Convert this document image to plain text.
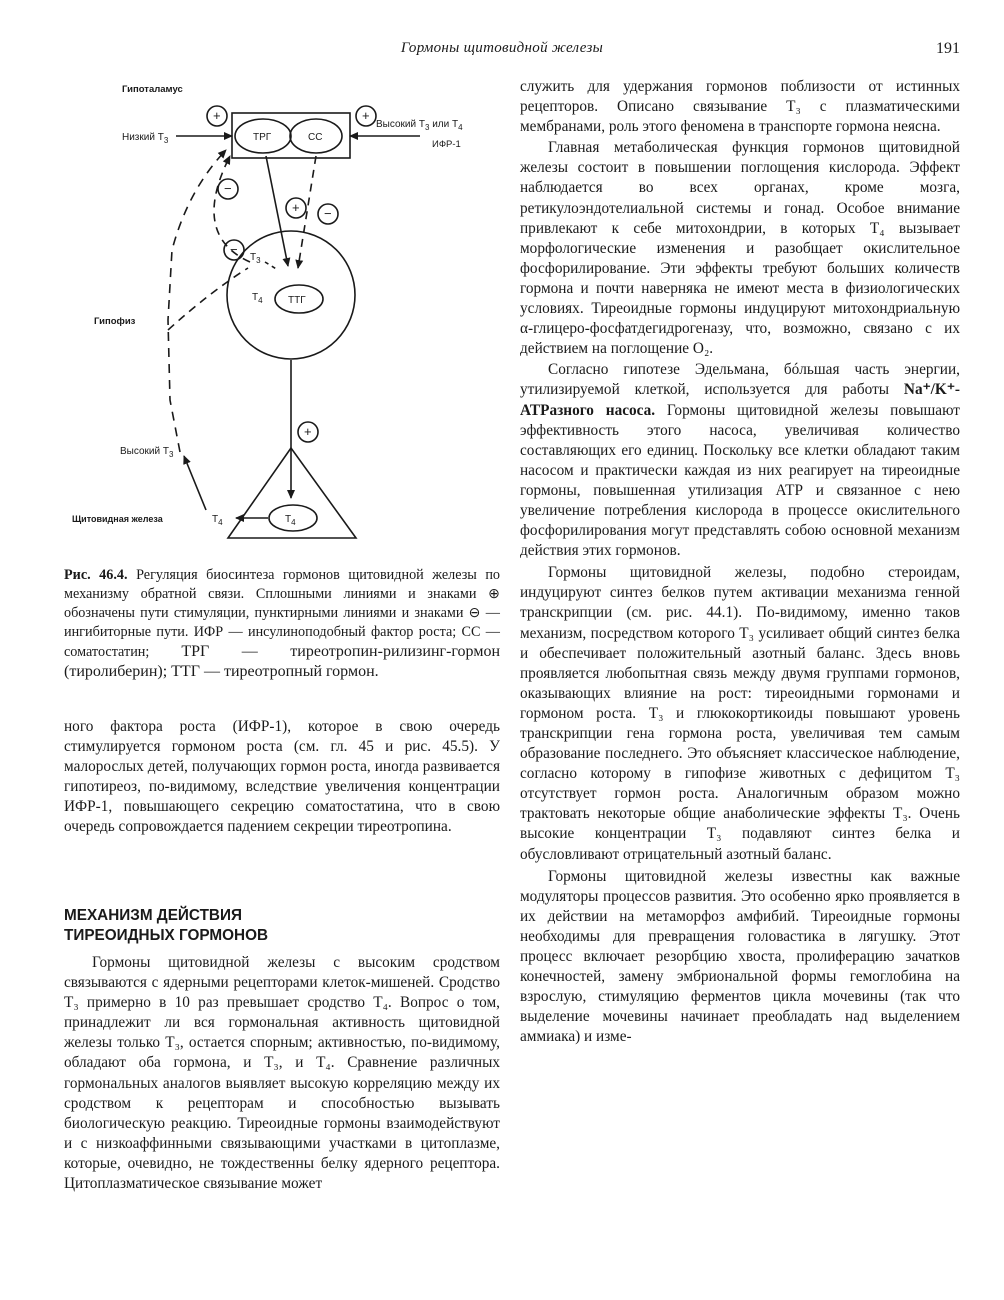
Гормоны щитовидной железы	191
+	+
−
+ −
−
+
Гипоталамус
Низкий $Т_3$
Высокий $Т_3$ или $Т_4$
ИФР-1
ТРГ	СС
Гипофиз
$Т_3$
$Т_4$	ТТГ
Высокий $Т_3$
Щитовидная железа	$Т_4$	$Т_4$

Рис. 46.4. Регуляция биосинтеза гормонов щитовидной железы по механизму обратной связи. Сплошными линиями и знаками ⊕ обозначены пути стимуляции, пунктирными линиями и знаками ⊖ — ингибиторные пути. ИФР — инсулиноподобный фактор роста; СС — соматостатин; ТРГ — тиреотропин-рилизинг-гормон (тиролиберин); ТТГ — тиреотропный гормон.

ного фактора роста (ИФР-1), которое в свою очередь стимулируется гормоном роста (см. гл. 45 и рис. 45.5). У малорослых детей, получающих гормон роста, иногда развивается гипотиреоз, по-видимому, вследствие увеличения концентрации ИФР-1, повышающего секрецию соматостатина, что в свою очередь сопровождается падением секреции тиреотропина.

МЕХАНИЗМ ДЕЙСТВИЯ

ТИРЕОИДНЫХ ГОРМОНОВ

Гормоны щитовидной железы с высоким сродством связываются с ядерными рецепторами клеток-мишеней. Сродство Т₃ примерно в 10 раз превышает сродство Т₄. Вопрос о том, принадлежит ли вся гормональная активность щитовидной железы только Т₃, остается спорным; активностью, по-видимому, обладают оба гормона, и Т₃, и Т₄. Сравнение различных гормональных аналогов выявляет высокую корреляцию между их сродством к рецепторам и способностью вызывать биологическую реакцию. Тиреоидные гормоны взаимодействуют и с низкоаффинными связывающими участками в цитоплазме, которые, очевидно, не тождественны белку ядерного рецептора. Цитоплазматическое связывание может

служить для удержания гормонов поблизости от истинных рецепторов. Описано связывание Т₃ с плазматическими мембранами, роль этого феномена в транспорте гормона неясна.

Главная метаболическая функция гормонов щитовидной железы состоит в повышении поглощения кислорода. Эффект наблюдается во всех органах, кроме мозга, ретикулоэндотелиальной системы и гонад. Особое внимание привлекают к себе митохондрии, в которых Т₄ вызывает морфологические изменения и разобщает окислительное фосфорилирование. Эти эффекты требуют больших количеств гормона и почти наверняка не имеют места в физиологических условиях. Тиреоидные гормоны индуцируют митохондриальную α-глицеро-фосфатдегидрогеназу, что, возможно, связано с их действием на поглощение О₂.

Согласно гипотезе Эдельмана, бóльшая часть энергии, утилизируемой клеткой, используется для работы Na⁺/K⁺-ATPазного насоса. Гормоны щитовидной железы повышают эффективность этого насоса, увеличивая количество составляющих его единиц. Поскольку все клетки обладают таким насосом и практически каждая из них реагирует на тиреоидные гормоны, повышенная утилизация АТР и связанное с нею увеличение потребления кислорода в процессе окислительного фосфорилирования могут представлять собою основной механизм действия этих гормонов.

Гормоны щитовидной железы, подобно стероидам, индуцируют синтез белков путем активации механизма генной транскрипции (см. рис. 44.1). По-видимому, именно таков механизм, посредством которого Т₃ усиливает общий синтез белка и обеспечивает положительный азотный баланс. Здесь вновь проявляется любопытная связь между двумя группами гормонов, оказывающих влияние на рост: тиреоидными гормонами и гормоном роста. Т₃ и глюкокортикоиды повышают уровень транскрипции гена гормона роста, увеличивая тем самым образование последнего. Это объясняет классическое наблюдение, согласно которому в гипофизе животных с дефицитом Т₃ отсутствует гормон роста. Аналогичным образом можно трактовать некоторые общие анаболические эффекты Т₃. Очень высокие концентрации Т₃ подавляют синтез белка и обусловливают отрицательный азотный баланс.

Гормоны щитовидной железы известны как важные модуляторы процессов развития. Это особенно ярко проявляется в их действии на метаморфоз амфибий. Тиреоидные гормоны необходимы для превращения головастика в лягушку. Этот процесс включает резорбцию хвоста, пролиферацию зачатков конечностей, замену эмбриональной формы гемоглобина на взрослую, стимуляцию ферментов цикла мочевины (так что выделение мочевины начинает преобладать над выделением аммиака) и изме-
